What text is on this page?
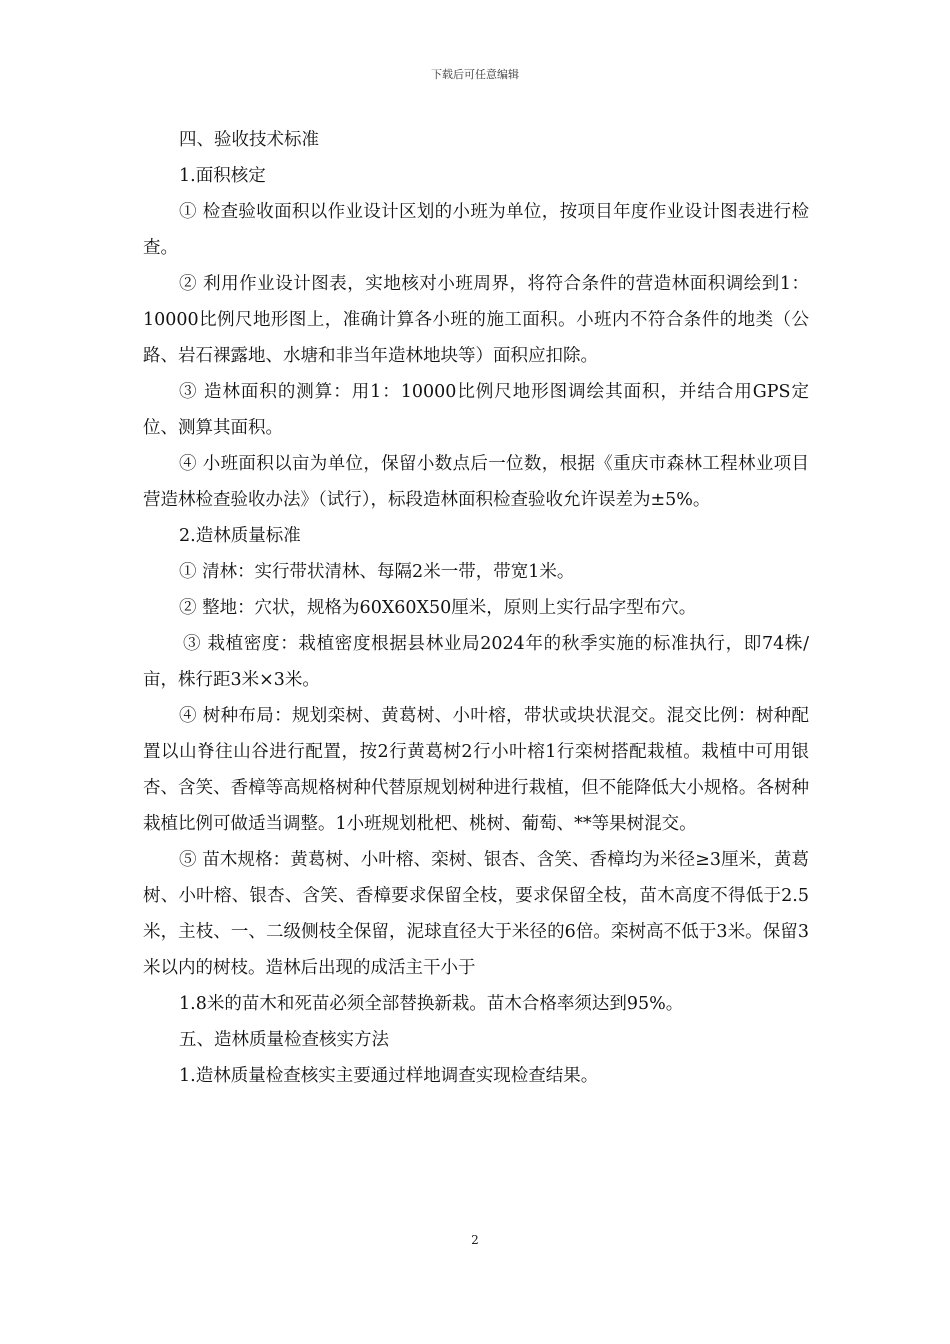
下载后可任意编辑

四、验收技术标准

1.面积核定

① 检查验收面积以作业设计区划的小班为单位，按项目年度作业设计图表进行检查。

② 利用作业设计图表，实地核对小班周界，将符合条件的营造林面积调绘到1：10000比例尺地形图上，准确计算各小班的施工面积。小班内不符合条件的地类（公路、岩石裸露地、水塘和非当年造林地块等）面积应扣除。

③ 造林面积的测算：用1：10000比例尺地形图调绘其面积，并结合用GPS定位、测算其面积。

④ 小班面积以亩为单位，保留小数点后一位数，根据《重庆市森林工程林业项目营造林检查验收办法》（试行），标段造林面积检查验收允许误差为±5%。

2.造林质量标准

① 清林：实行带状清林、每隔2米一带，带宽1米。

② 整地：穴状，规格为60X60X50厘米，原则上实行品字型布穴。

③ 栽植密度：栽植密度根据县林业局2024年的秋季实施的标准执行，即74株/亩，株行距3米×3米。

④ 树种布局：规划栾树、黄葛树、小叶榕，带状或块状混交。混交比例：树种配置以山脊往山谷进行配置，按2行黄葛树2行小叶榕1行栾树搭配栽植。栽植中可用银杏、含笑、香樟等高规格树种代替原规划树种进行栽植，但不能降低大小规格。各树种栽植比例可做适当调整。1小班规划枇杷、桃树、葡萄、**等果树混交。

⑤ 苗木规格：黄葛树、小叶榕、栾树、银杏、含笑、香樟均为米径≥3厘米，黄葛树、小叶榕、银杏、含笑、香樟要求保留全枝，要求保留全枝，苗木高度不得低于2.5米，主枝、一、二级侧枝全保留，泥球直径大于米径的6倍。栾树高不低于3米。保留3米以内的树枝。造林后出现的成活主干小于

1.8米的苗木和死苗必须全部替换新栽。苗木合格率须达到95%。

五、造林质量检查核实方法

1.造林质量检查核实主要通过样地调查实现检查结果。

2
